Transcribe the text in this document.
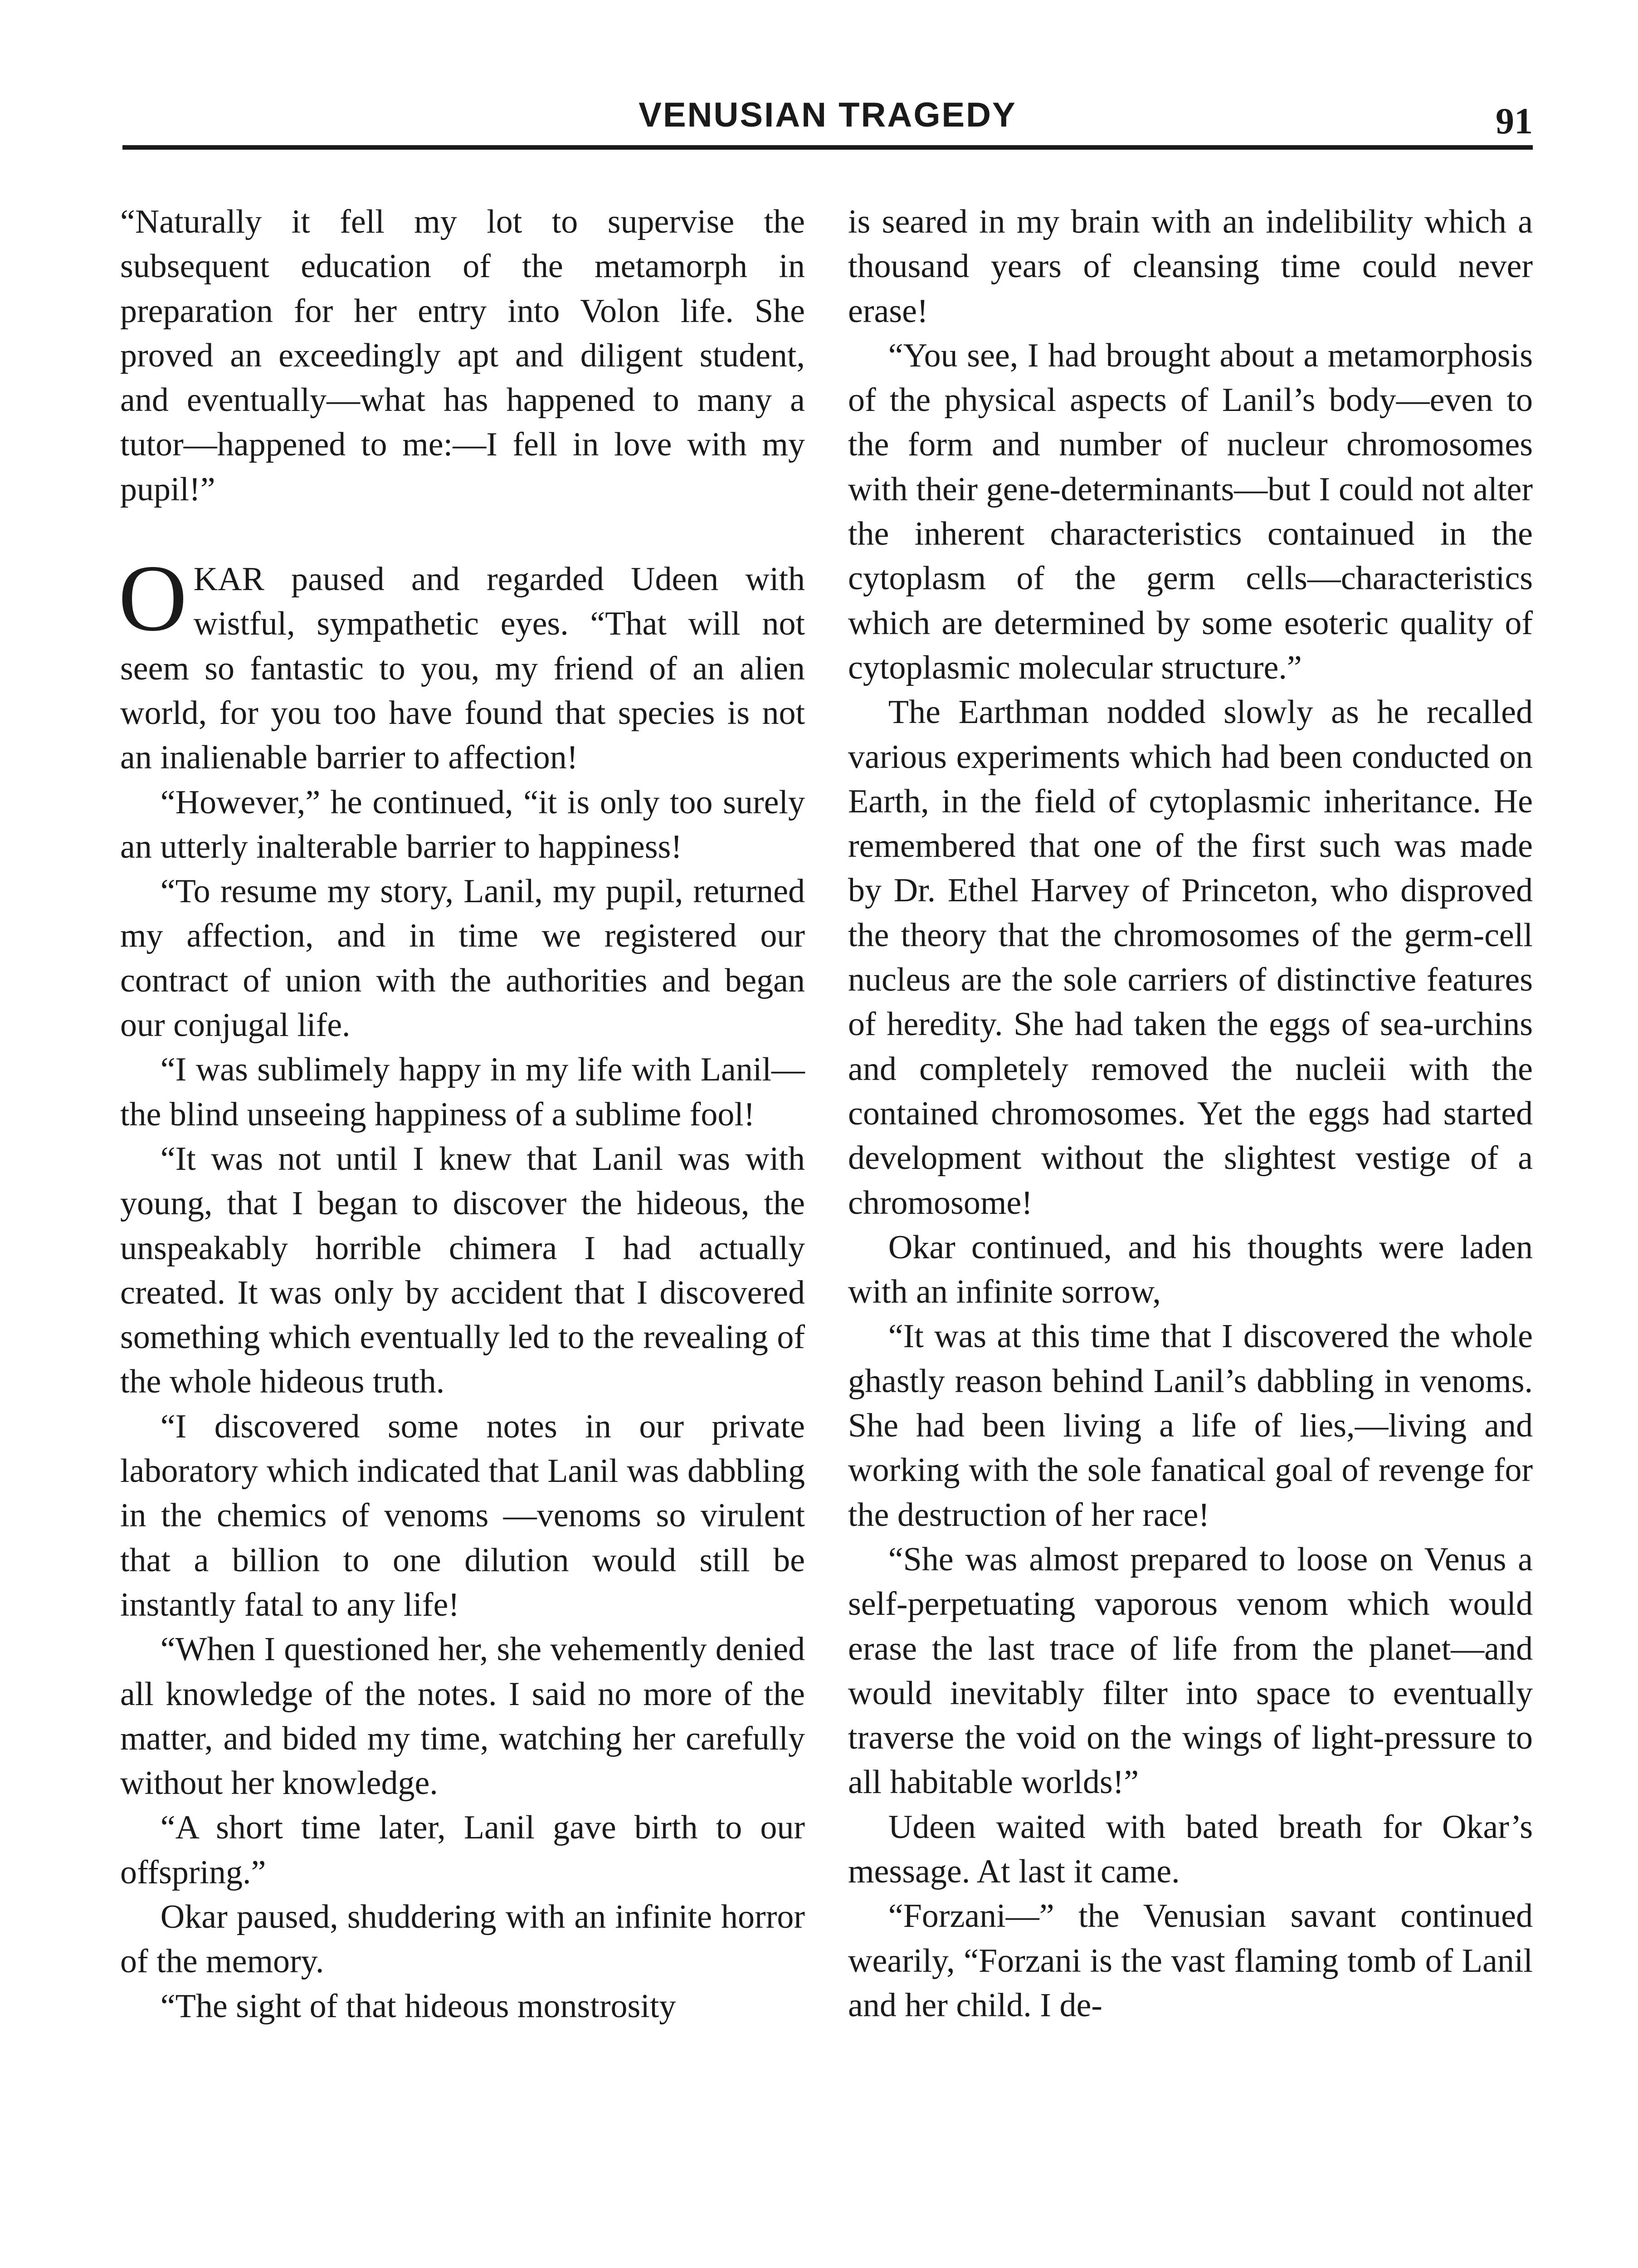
VENUSIAN TRAGEDY	91

“Naturally it fell my lot to supervise the subsequent education of the metamorph in preparation for her entry into Volon life. She proved an exceedingly apt and diligent student, and eventually—what has happened to many a tutor—happened to me:—I fell in love with my pupil!”

OKAR paused and regarded Udeen with wistful, sympathetic eyes. “That will not seem so fantastic to you, my friend of an alien world, for you too have found that species is not an inalienable barrier to affection!

“However,” he continued, “it is only too surely an utterly inalterable barrier to happiness!

“To resume my story, Lanil, my pupil, returned my affection, and in time we registered our contract of union with the authorities and began our conjugal life.

“I was sublimely happy in my life with Lanil—the blind unseeing happiness of a sublime fool!

“It was not until I knew that Lanil was with young, that I began to discover the hideous, the unspeakably horrible chimera I had actually created. It was only by accident that I discovered something which eventually led to the revealing of the whole hideous truth.

“I discovered some notes in our private laboratory which indicated that Lanil was dabbling in the chemics of venoms —venoms so virulent that a billion to one dilution would still be instantly fatal to any life!

“When I questioned her, she vehemently denied all knowledge of the notes. I said no more of the matter, and bided my time, watching her carefully without her knowledge.

“A short time later, Lanil gave birth to our offspring.”

Okar paused, shuddering with an infinite horror of the memory.

“The sight of that hideous monstrosity

is seared in my brain with an indelibility which a thousand years of cleansing time could never erase!

“You see, I had brought about a metamorphosis of the physical aspects of Lanil’s body—even to the form and number of nucleur chromosomes with their gene-determinants—but I could not alter the inherent characteristics containued in the cytoplasm of the germ cells—characteristics which are determined by some esoteric quality of cytoplasmic molecular structure.”

The Earthman nodded slowly as he recalled various experiments which had been conducted on Earth, in the field of cytoplasmic inheritance. He remembered that one of the first such was made by Dr. Ethel Harvey of Princeton, who disproved the theory that the chromosomes of the germ-cell nucleus are the sole carriers of distinctive features of heredity. She had taken the eggs of sea-urchins and completely removed the nucleii with the contained chromosomes. Yet the eggs had started development without the slightest vestige of a chromosome!

Okar continued, and his thoughts were laden with an infinite sorrow,

“It was at this time that I discovered the whole ghastly reason behind Lanil’s dabbling in venoms. She had been living a life of lies,—living and working with the sole fanatical goal of revenge for the destruction of her race!

“She was almost prepared to loose on Venus a self-perpetuating vaporous venom which would erase the last trace of life from the planet—and would inevitably filter into space to eventually traverse the void on the wings of light-pressure to all habitable worlds!”

Udeen waited with bated breath for Okar’s message. At last it came.

“Forzani—” the Venusian savant continued wearily, “Forzani is the vast flaming tomb of Lanil and her child. I de-
